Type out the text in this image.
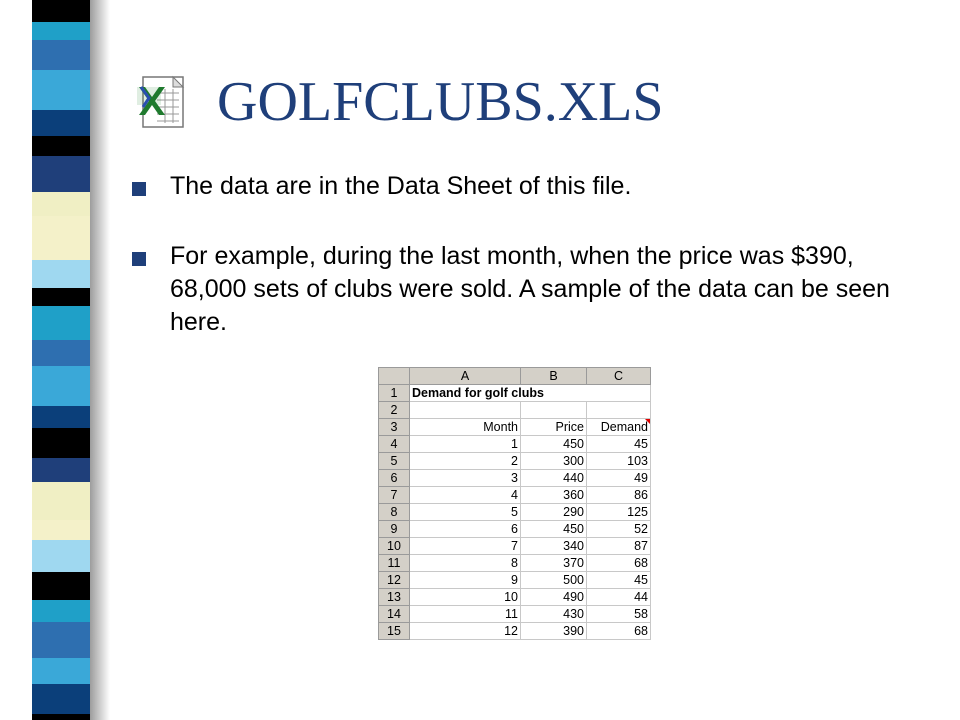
GOLFCLUBS.XLS
The data are in the Data Sheet of this file.
For example, during the last month, when the price was $390, 68,000 sets of clubs were sold. A sample of the data can be seen here.
	A	B	C
1	Demand for golf clubs		
2			
3	Month	Price	Demand
4	1	450	45
5	2	300	103
6	3	440	49
7	4	360	86
8	5	290	125
9	6	450	52
10	7	340	87
11	8	370	68
12	9	500	45
13	10	490	44
14	11	430	58
15	12	390	68
